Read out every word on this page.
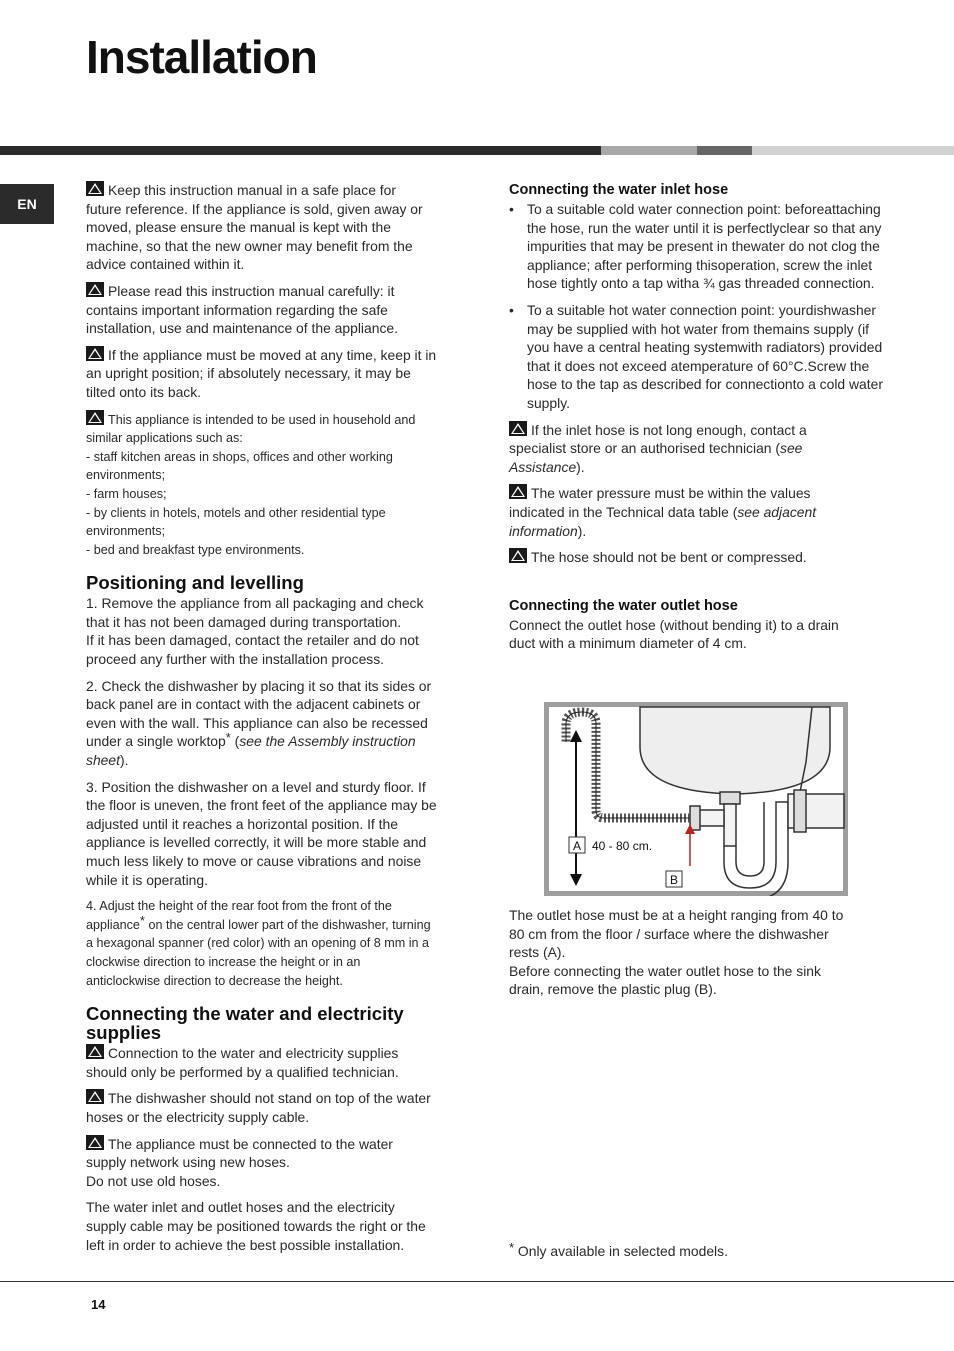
Installation
EN

Keep this instruction manual in a safe place for
future reference. If the appliance is sold, given away or
moved, please ensure the manual is kept with the
machine, so that the new owner may benefit from the
advice contained within it.

Please read this instruction manual carefully: it
contains important information regarding the safe
installation, use and maintenance of the appliance.

If the appliance must be moved at any time, keep it in
an upright position; if absolutely necessary, it may be
tilted onto its back.

This appliance is intended to be used in household and
similar applications such as:
- staff kitchen areas in shops, offices and other working
environments;
- farm houses;
- by clients in hotels, motels and other residential type
environments;
- bed and breakfast type environments.

Positioning and levelling

1. Remove the appliance from all packaging and check
that it has not been damaged during transportation.
If it has been damaged, contact the retailer and do not
proceed any further with the installation process.

2. Check the dishwasher by placing it so that its sides or
back panel are in contact with the adjacent cabinets or
even with the wall. This appliance can also be recessed
under a single worktop* (see the Assembly instruction
sheet).

3. Position the dishwasher on a level and sturdy floor. If
the floor is uneven, the front feet of the appliance may be
adjusted until it reaches a horizontal position. If the
appliance is levelled correctly, it will be more stable and
much less likely to move or cause vibrations and noise
while it is operating.

4. Adjust the height of the rear foot from the front of the
appliance* on the central lower part of the dishwasher, turning
a hexagonal spanner (red color) with an opening of 8 mm in a
clockwise direction to increase the height or in an
anticlockwise direction to decrease the height.

Connecting the water and electricity
supplies

Connection to the water and electricity supplies
should only be performed by a qualified technician.

The dishwasher should not stand on top of the water
hoses or the electricity supply cable.

The appliance must be connected to the water
supply network using new hoses.
Do not use old hoses.

The water inlet and outlet hoses and the electricity
supply cable may be positioned towards the right or the
left in order to achieve the best possible installation.

Connecting the water inlet hose
• To a suitable cold water connection point: beforeattaching the hose, run the water until it is perfectlyclear so that any impurities that may be present in thewater do not clog the appliance; after performing thisoperation, screw the inlet hose tightly onto a tap witha ¾ gas threaded connection.
• To a suitable hot water connection point: yourdishwasher may be supplied with hot water from themains supply (if you have a central heating systemwith radiators) provided that it does not exceed atemperature of 60°C.Screw the hose to the tap as described for connectionto a cold water supply.

If the inlet hose is not long enough, contact a
specialist store or an authorised technician (see
Assistance).

The water pressure must be within the values
indicated in the Technical data table (see adjacent
information).

The hose should not be bent or compressed.

Connecting the water outlet hose

Connect the outlet hose (without bending it) to a drain
duct with a minimum diameter of 4 cm.

A 40 - 80 cm.
B

The outlet hose must be at a height ranging from 40 to
80 cm from the floor / surface where the dishwasher
rests (A).
Before connecting the water outlet hose to the sink
drain, remove the plastic plug (B).

* Only available in selected models.
14
